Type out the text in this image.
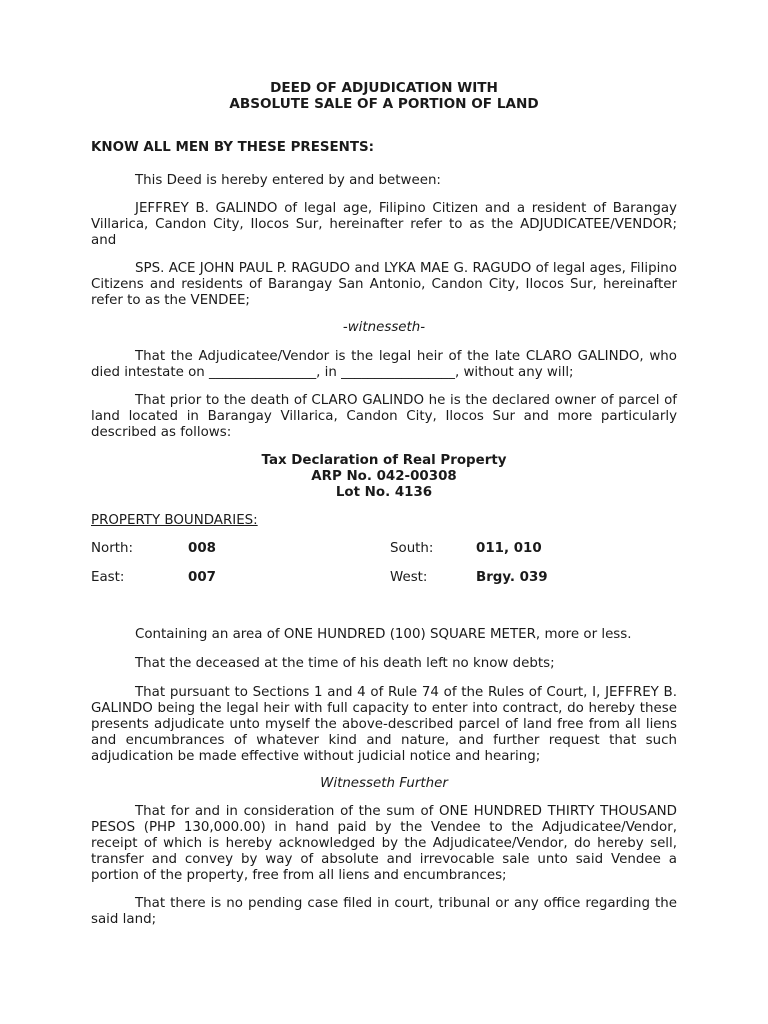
DEED OF ADJUDICATION WITH
ABSOLUTE SALE OF A PORTION OF LAND
KNOW ALL MEN BY THESE PRESENTS:

This Deed is hereby entered by and between:

JEFFREY B. GALINDO of legal age, Filipino Citizen and a resident of Barangay Villarica, Candon City, Ilocos Sur, hereinafter refer to as the ADJUDICATEE/VENDOR; and

SPS. ACE JOHN PAUL P. RAGUDO and LYKA MAE G. RAGUDO of legal ages, Filipino Citizens and residents of Barangay San Antonio, Candon City, Ilocos Sur, hereinafter refer to as the VENDEE;

-witnesseth-

That the Adjudicatee/Vendor is the legal heir of the late CLARO GALINDO, who died intestate on ________________, in _________________, without any will;

That prior to the death of CLARO GALINDO he is the declared owner of parcel of land located in Barangay Villarica, Candon City, Ilocos Sur and more particularly described as follows:

Tax Declaration of Real Property
ARP No. 042-00308
Lot No. 4136
PROPERTY BOUNDARIES:
North:	008	South:	011, 010
East:	007	West:	Brgy. 039

Containing an area of ONE HUNDRED (100) SQUARE METER, more or less.

That the deceased at the time of his death left no know debts;

That pursuant to Sections 1 and 4 of Rule 74 of the Rules of Court, I, JEFFREY B. GALINDO being the legal heir with full capacity to enter into contract, do hereby these presents adjudicate unto myself the above-described parcel of land free from all liens and encumbrances of whatever kind and nature, and further request that such adjudication be made effective without judicial notice and hearing;

Witnesseth Further

That for and in consideration of the sum of ONE HUNDRED THIRTY THOUSAND PESOS (PHP 130,000.00) in hand paid by the Vendee to the Adjudicatee/Vendor, receipt of which is hereby acknowledged by the Adjudicatee/Vendor, do hereby sell, transfer and convey by way of absolute and irrevocable sale unto said Vendee a portion of the property, free from all liens and encumbrances;

That there is no pending case filed in court, tribunal or any office regarding the said land;
